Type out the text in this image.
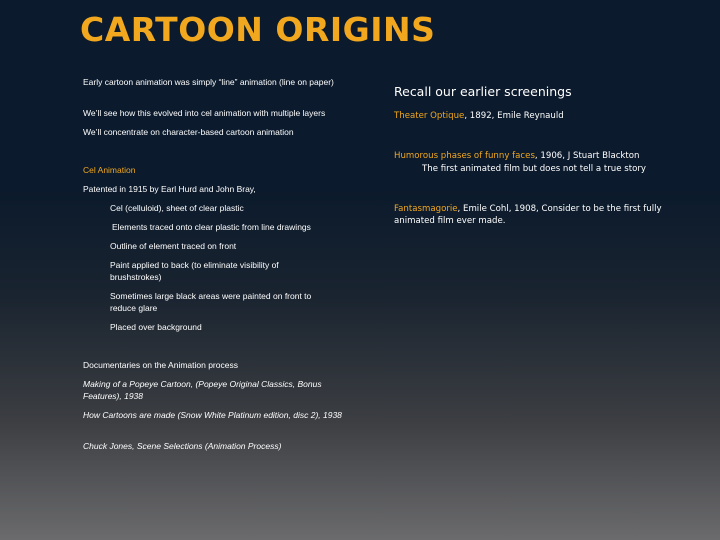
CARTOON ORIGINS

Early cartoon animation was simply “line” animation (line on paper)

We’ll see how this evolved into cel animation with multiple layers

We’ll concentrate on character-based cartoon animation

Cel Animation

Patented in 1915 by Earl Hurd and John Bray,

Cel (celluloid), sheet of clear plastic

Elements traced onto clear plastic from line drawings

Outline of element traced on front

Paint applied to back (to eliminate visibility of brushstrokes)

Sometimes large black areas were painted on front to reduce glare

Placed over background

Documentaries on the Animation process

Making of a Popeye Cartoon, (Popeye Original Classics, Bonus Features), 1938

How Cartoons are made (Snow White Platinum edition, disc 2), 1938

Chuck Jones, Scene Selections (Animation Process)

Recall our earlier screenings

Theater Optique, 1892, Emile Reynauld

Humorous phases of funny faces, 1906, J Stuart Blackton

The first animated film but does not tell a true story

Fantasmagorie, Emile Cohl, 1908, Consider to be the first fully animated film ever made.
